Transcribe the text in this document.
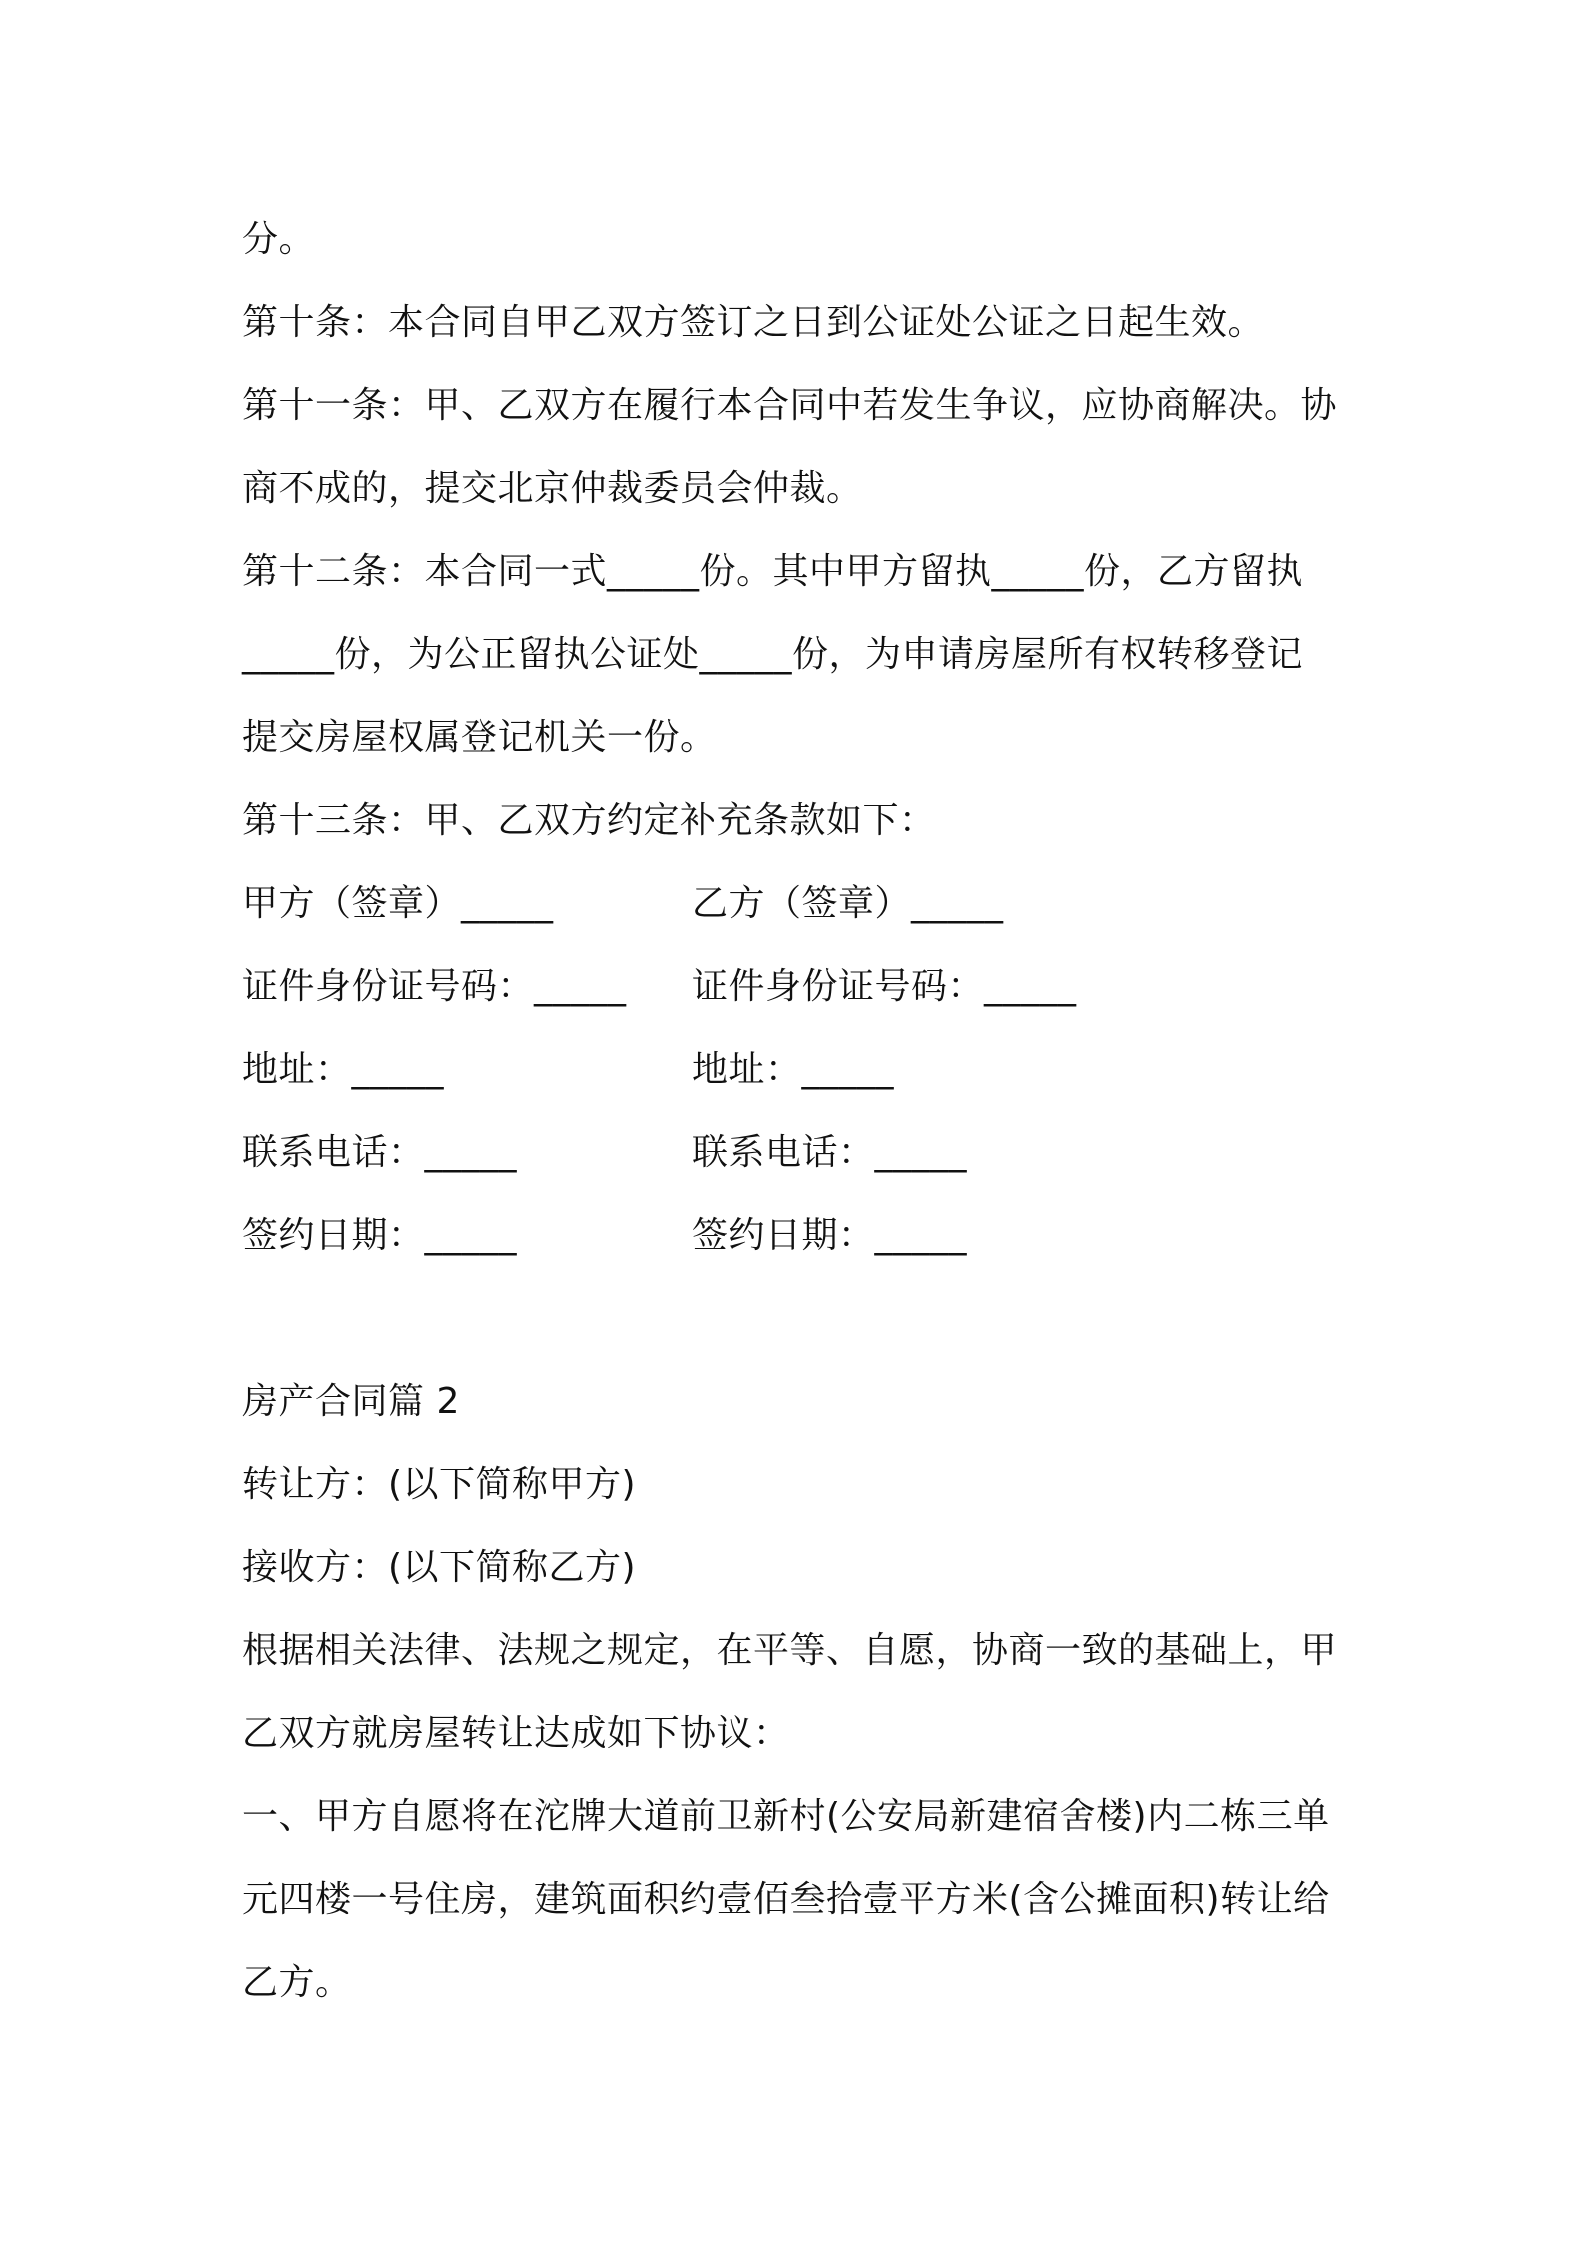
分。
第十条：本合同自甲乙双方签订之日到公证处公证之日起生效。
第十一条：甲、乙双方在履行本合同中若发生争议，应协商解决。协
商不成的，提交北京仲裁委员会仲裁。
第十二条：本合同一式_____份。其中甲方留执_____份，乙方留执
_____份，为公正留执公证处_____份，为申请房屋所有权转移登记
提交房屋权属登记机关一份。
第十三条：甲、乙双方约定补充条款如下：
甲方（签章）_____	乙方（签章）_____
证件身份证号码：_____	证件身份证号码：_____
地址：_____	地址：_____
联系电话：_____	联系电话：_____
签约日期：_____	签约日期：_____
房产合同篇 2
转让方：(以下简称甲方)
接收方：(以下简称乙方)
根据相关法律、法规之规定，在平等、自愿，协商一致的基础上，甲
乙双方就房屋转让达成如下协议：
一、甲方自愿将在沱牌大道前卫新村(公安局新建宿舍楼)内二栋三单
元四楼一号住房，建筑面积约壹佰叁拾壹平方米(含公摊面积)转让给
乙方。
